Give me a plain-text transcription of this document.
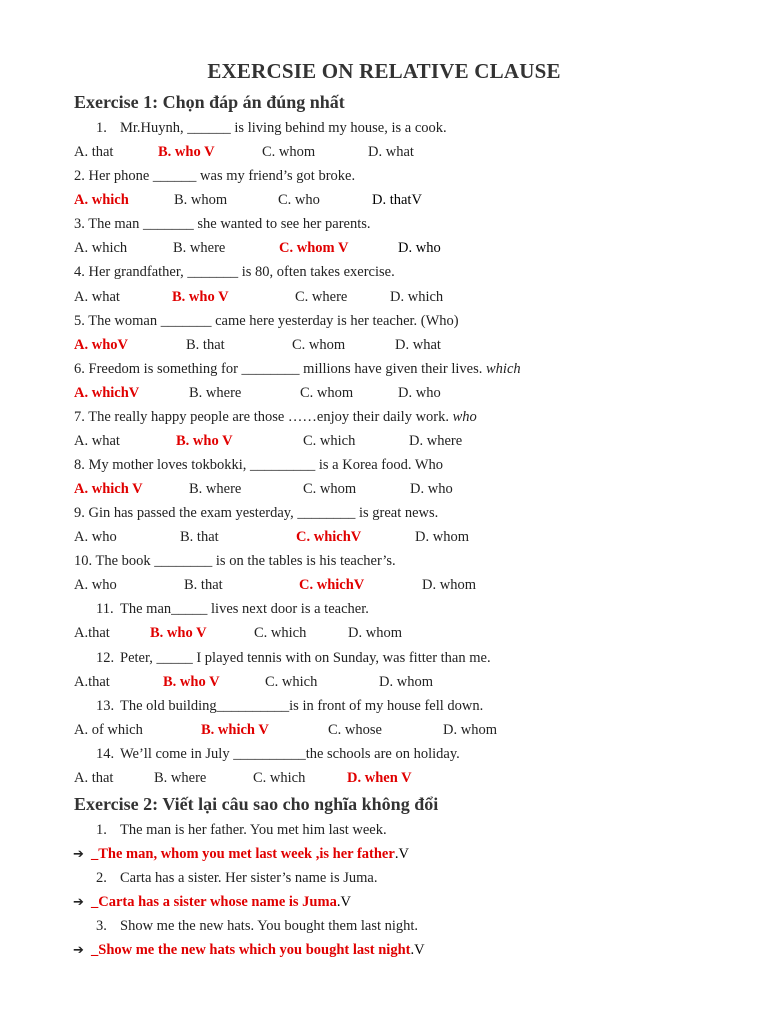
EXERCSIE ON RELATIVE CLAUSE
Exercise 1: Chọn đáp án đúng nhất
1. Mr.Huynh, ______ is living behind my house, is a cook.
A. that	B. who V	C. whom	D. what
2. Her phone ______ was my friend’s got broke.
A. which	B. whom	C. who	D. thatV
3. The man _______ she wanted to see her parents.
A. which	B. where	C. whom V	D. who
4. Her grandfather, _______ is 80, often takes exercise.
A. what	B. who V	C. where	D. which
5. The woman _______ came here yesterday is her teacher. (Who)
A. whoV	B. that	C. whom	D. what
6. Freedom is something for ________ millions have given their lives. which
A. whichV	B. where	C. whom	D. who
7. The really happy people are those ……enjoy their daily work. who
A. what	B. who V	C. which	D. where
8. My mother loves tokbokki, _________ is a Korea food. Who
A. which V	B. where	C. whom	D. who
9. Gin has passed the exam yesterday, ________ is great news.
A. who	B. that	C. whichV	D. whom
10. The book ________ is on the tables is his teacher’s.
A. who	B. that	C. whichV	D. whom
11. The man_____ lives next door is a teacher.
A.that	B. who V	C. which	D. whom
12. Peter, _____ I played tennis with on Sunday, was fitter than me.
A.that	B. who V	C. which	D. whom
13. The old building__________is in front of my house fell down.
A. of which	B. which V	C. whose	D. whom
14. We’ll come in July __________the schools are on holiday.
A. that	B. where	C. which	D. when V
Exercise 2: Viết lại câu sao cho nghĩa không đổi
1. The man is her father. You met him last week.
➔ _The man, whom you met last week ,is her father.V
2. Carta has a sister. Her sister’s name is Juma.
➔ _Carta has a sister whose name is Juma.V
3. Show me the new hats. You bought them last night.
➔ _Show me the new hats which you bought last night.V
